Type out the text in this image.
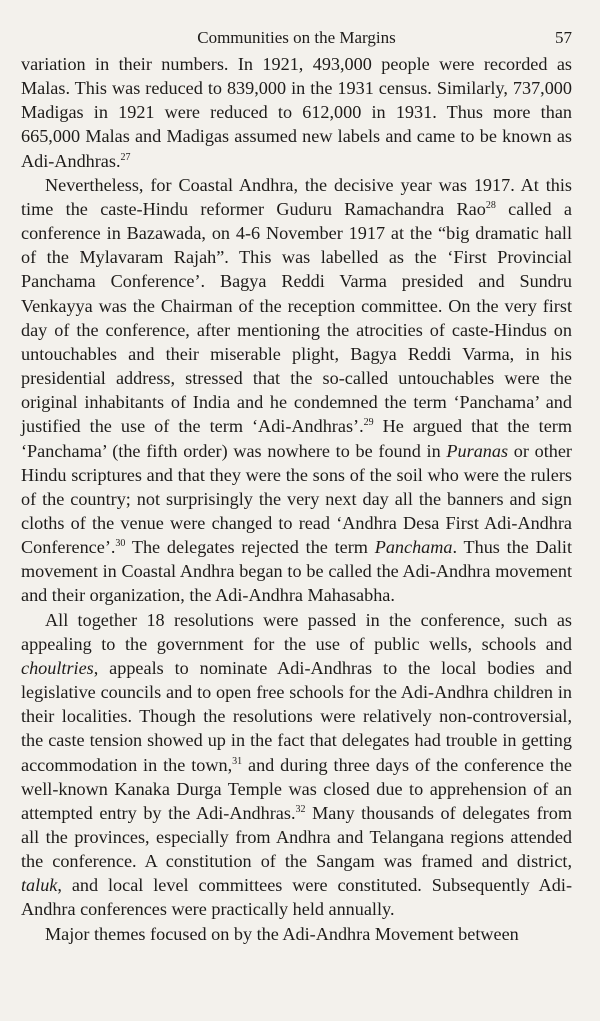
Communities on the Margins	57

variation in their numbers. In 1921, 493,000 people were recorded as Malas. This was reduced to 839,000 in the 1931 census. Similarly, 737,000 Madigas in 1921 were reduced to 612,000 in 1931. Thus more than 665,000 Malas and Madigas assumed new labels and came to be known as Adi-Andhras.$^{27}$

Nevertheless, for Coastal Andhra, the decisive year was 1917. At this time the caste-Hindu reformer Guduru Ramachandra Rao$^{28}$ called a conference in Bazawada, on 4-6 November 1917 at the “big dramatic hall of the Mylavaram Rajah”. This was labelled as the ‘First Provincial Panchama Conference’. Bagya Reddi Varma presided and Sundru Venkayya was the Chairman of the reception committee. On the very first day of the conference, after mentioning the atrocities of caste-Hindus on untouchables and their miserable plight, Bagya Reddi Varma, in his presidential address, stressed that the so-called untouchables were the original inhabitants of India and he condemned the term ‘Panchama’ and justified the use of the term ‘Adi-Andhras’.$^{29}$ He argued that the term ‘Panchama’ (the fifth order) was nowhere to be found in Puranas or other Hindu scriptures and that they were the sons of the soil who were the rulers of the country; not surprisingly the very next day all the banners and sign cloths of the venue were changed to read ‘Andhra Desa First Adi-Andhra Conference’.$^{30}$ The delegates rejected the term Panchama. Thus the Dalit movement in Coastal Andhra began to be called the Adi-Andhra movement and their organization, the Adi-Andhra Mahasabha.

All together 18 resolutions were passed in the conference, such as appealing to the government for the use of public wells, schools and choultries, appeals to nominate Adi-Andhras to the local bodies and legislative councils and to open free schools for the Adi-Andhra children in their localities. Though the resolutions were relatively non-controversial, the caste tension showed up in the fact that delegates had trouble in getting accommodation in the town,$^{31}$ and during three days of the conference the well-known Kanaka Durga Temple was closed due to apprehension of an attempted entry by the Adi-Andhras.$^{32}$ Many thousands of delegates from all the provinces, especially from Andhra and Telangana regions attended the conference. A constitution of the Sangam was framed and district, taluk, and local level committees were constituted. Subsequently Adi-Andhra conferences were practically held annually.

Major themes focused on by the Adi-Andhra Movement between
